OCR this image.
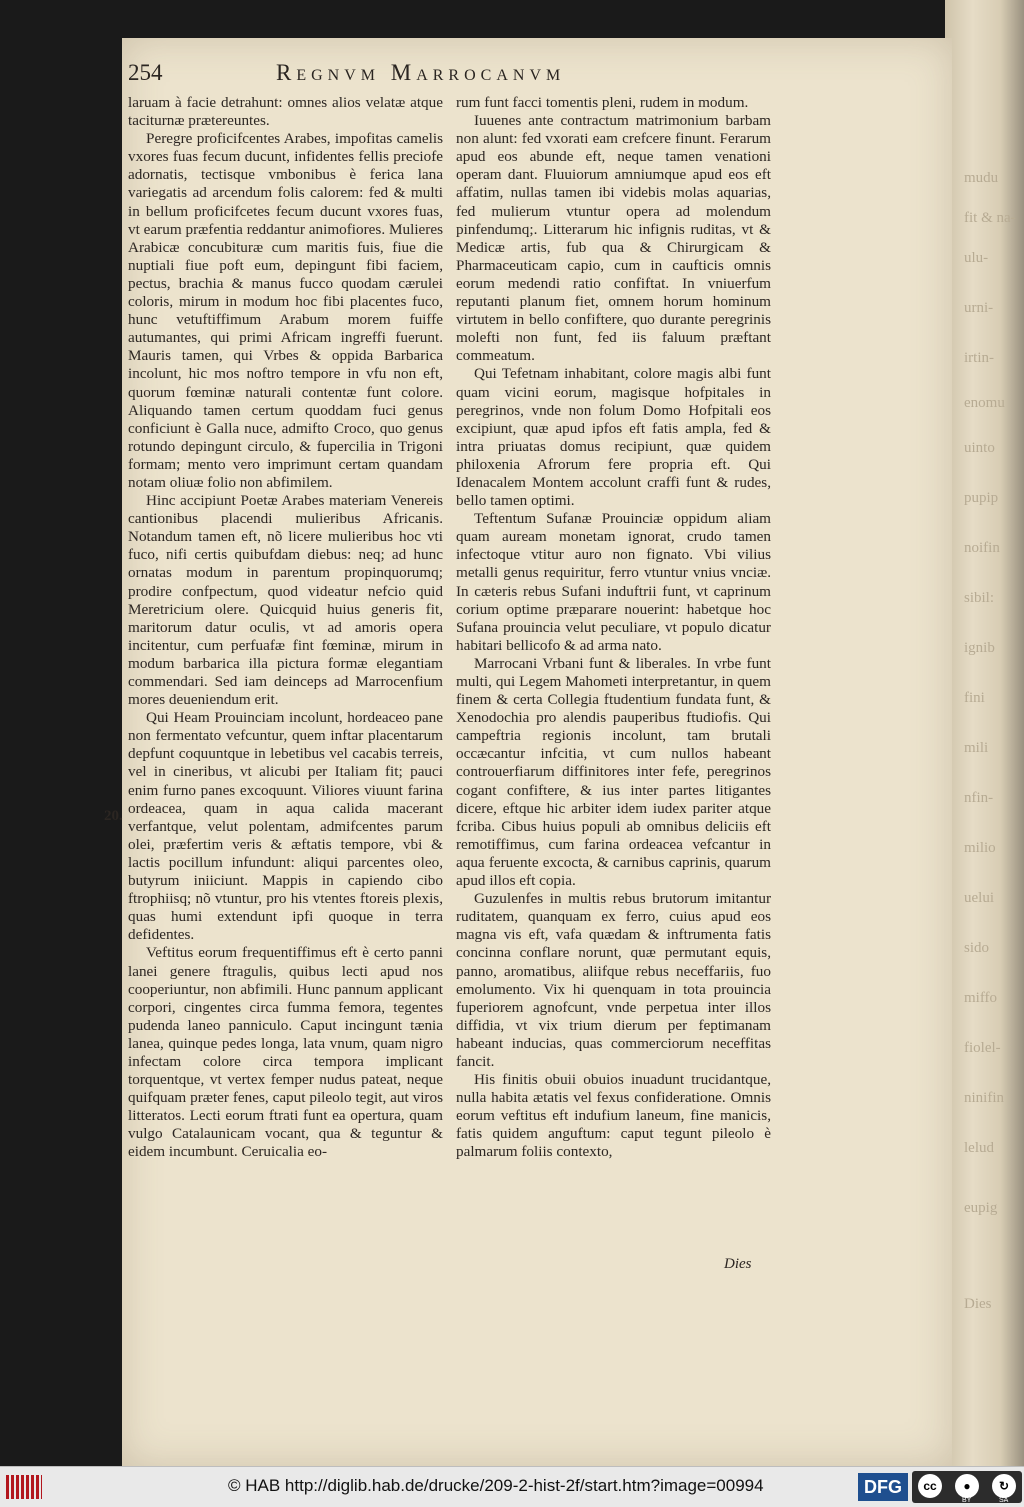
mudu
fit & na-
ulu-
urni-
irtin-
enomu
uinto
pupip
noifin
sibil:
ignib
fini
mili
nfin-
milio
uelui
sido
miffo
fiolel-
ninifin
lelud
eupig
Dies
254	Regnvm Marrocanvm
20.

laruam à facie detrahunt: omnes alios velatæ atque taciturnæ prætereuntes.

Peregre proficifcentes Arabes, impofitas camelis vxores fuas fecum ducunt, infidentes fellis preciofe adornatis, tectisque vmbonibus è ferica lana variegatis ad arcendum folis calorem: fed & multi in bellum proficifcetes fecum ducunt vxores fuas, vt earum præfentia reddantur animofiores. Mulieres Arabicæ concubituræ cum maritis fuis, fiue die nuptiali fiue poft eum, depingunt fibi faciem, pectus, brachia & manus fucco quodam cærulei coloris, mirum in modum hoc fibi placentes fuco, hunc vetuftiffimum Arabum morem fuiffe autumantes, qui primi Africam ingreffi fuerunt. Mauris tamen, qui Vrbes & oppida Barbarica incolunt, hic mos noftro tempore in vfu non eft, quorum fœminæ naturali contentæ funt colore. Aliquando tamen certum quoddam fuci genus conficiunt è Galla nuce, admifto Croco, quo genus rotundo depingunt circulo, & fupercilia in Trigoni formam; mento vero imprimunt certam quandam notam oliuæ folio non abfimilem.

Hinc accipiunt Poetæ Arabes materiam Venereis cantionibus placendi mulieribus Africanis. Notandum tamen eft, nõ licere mulieribus hoc vti fuco, nifi certis quibufdam diebus: neq; ad hunc ornatas modum in parentum propinquorumq; prodire confpectum, quod videatur nefcio quid Meretricium olere. Quicquid huius generis fit, maritorum datur oculis, vt ad amoris opera incitentur, cum perfuafæ fint fœminæ, mirum in modum barbarica illa pictura formæ elegantiam commendari. Sed iam deinceps ad Marrocenfium mores deueniendum erit.

Qui Heam Prouinciam incolunt, hordeaceo pane non fermentato vefcuntur, quem inftar placentarum depfunt coquuntque in lebetibus vel cacabis terreis, vel in cineribus, vt alicubi per Italiam fit; pauci enim furno panes excoquunt. Viliores viuunt farina ordeacea, quam in aqua calida macerant verfantque, velut polentam, admifcentes parum olei, præfertim veris & æftatis tempore, vbi & lactis pocillum infundunt: aliqui parcentes oleo, butyrum iniiciunt. Mappis in capiendo cibo ftrophiisq; nõ vtuntur, pro his vtentes ftoreis plexis, quas humi extendunt ipfi quoque in terra defidentes.

Veftitus eorum frequentiffimus eft è certo panni lanei genere ftragulis, quibus lecti apud nos cooperiuntur, non abfimili. Hunc pannum applicant corpori, cingentes circa fumma femora, tegentes pudenda laneo panniculo. Caput incingunt tænia lanea, quinque pedes longa, lata vnum, quam nigro infectam colore circa tempora implicant torquentque, vt vertex femper nudus pateat, neque quifquam præter fenes, caput pileolo tegit, aut viros litteratos. Lecti eorum ftrati funt ea opertura, quam vulgo Catalaunicam vocant, qua & teguntur & eidem incumbunt. Ceruicalia eo-

rum funt facci tomentis pleni, rudem in modum.

Iuuenes ante contractum matrimonium barbam non alunt: fed vxorati eam crefcere finunt. Ferarum apud eos abunde eft, neque tamen venationi operam dant. Fluuiorum amniumque apud eos eft affatim, nullas tamen ibi videbis molas aquarias, fed mulierum vtuntur opera ad molendum pinfendumq;. Litterarum hic infignis ruditas, vt & Medicæ artis, fub qua & Chirurgicam & Pharmaceuticam capio, cum in caufticis omnis eorum medendi ratio confiftat. In vniuerfum reputanti planum fiet, omnem horum hominum virtutem in bello confiftere, quo durante peregrinis molefti non funt, fed iis faluum præftant commeatum.

Qui Tefetnam inhabitant, colore magis albi funt quam vicini eorum, magisque hofpitales in peregrinos, vnde non folum Domo Hofpitali eos excipiunt, quæ apud ipfos eft fatis ampla, fed & intra priuatas domus recipiunt, quæ quidem philoxenia Afrorum fere propria eft. Qui Idenacalem Montem accolunt craffi funt & rudes, bello tamen optimi.

Teftentum Sufanæ Prouinciæ oppidum aliam quam auream monetam ignorat, crudo tamen infectoque vtitur auro non fignato. Vbi vilius metalli genus requiritur, ferro vtuntur vnius vnciæ. In cæteris rebus Sufani induftrii funt, vt caprinum corium optime præparare nouerint: habetque hoc Sufana prouincia velut peculiare, vt populo dicatur habitari bellicofo & ad arma nato.

Marrocani Vrbani funt & liberales. In vrbe funt multi, qui Legem Mahometi interpretantur, in quem finem & certa Collegia ftudentium fundata funt, & Xenodochia pro alendis pauperibus ftudiofis. Qui campeftria regionis incolunt, tam brutali occæcantur infcitia, vt cum nullos habeant controuerfiarum diffinitores inter fefe, peregrinos cogant confiftere, & ius inter partes litigantes dicere, eftque hic arbiter idem iudex pariter atque fcriba. Cibus huius populi ab omnibus deliciis eft remotiffimus, cum farina ordeacea vefcantur in aqua feruente excocta, & carnibus caprinis, quarum apud illos eft copia.

Guzulenfes in multis rebus brutorum imitantur ruditatem, quanquam ex ferro, cuius apud eos magna vis eft, vafa quædam & inftrumenta fatis concinna conflare norunt, quæ permutant equis, panno, aromatibus, aliifque rebus neceffariis, fuo emolumento. Vix hi quenquam in tota prouincia fuperiorem agnofcunt, vnde perpetua inter illos diffidia, vt vix trium dierum per feptimanam habeant inducias, quas commerciorum neceffitas fancit.

His finitis obuii obuios inuadunt trucidantque, nulla habita ætatis vel fexus confideratione. Omnis eorum veftitus eft indufium laneum, fine manicis, fatis quidem anguftum: caput tegunt pileolo è palmarum foliis contexto,

Dies
© HAB http://diglib.hab.de/drucke/209-2-hist-2f/start.htm?image=00994	DFG	cc	●	↻
BY	SA
